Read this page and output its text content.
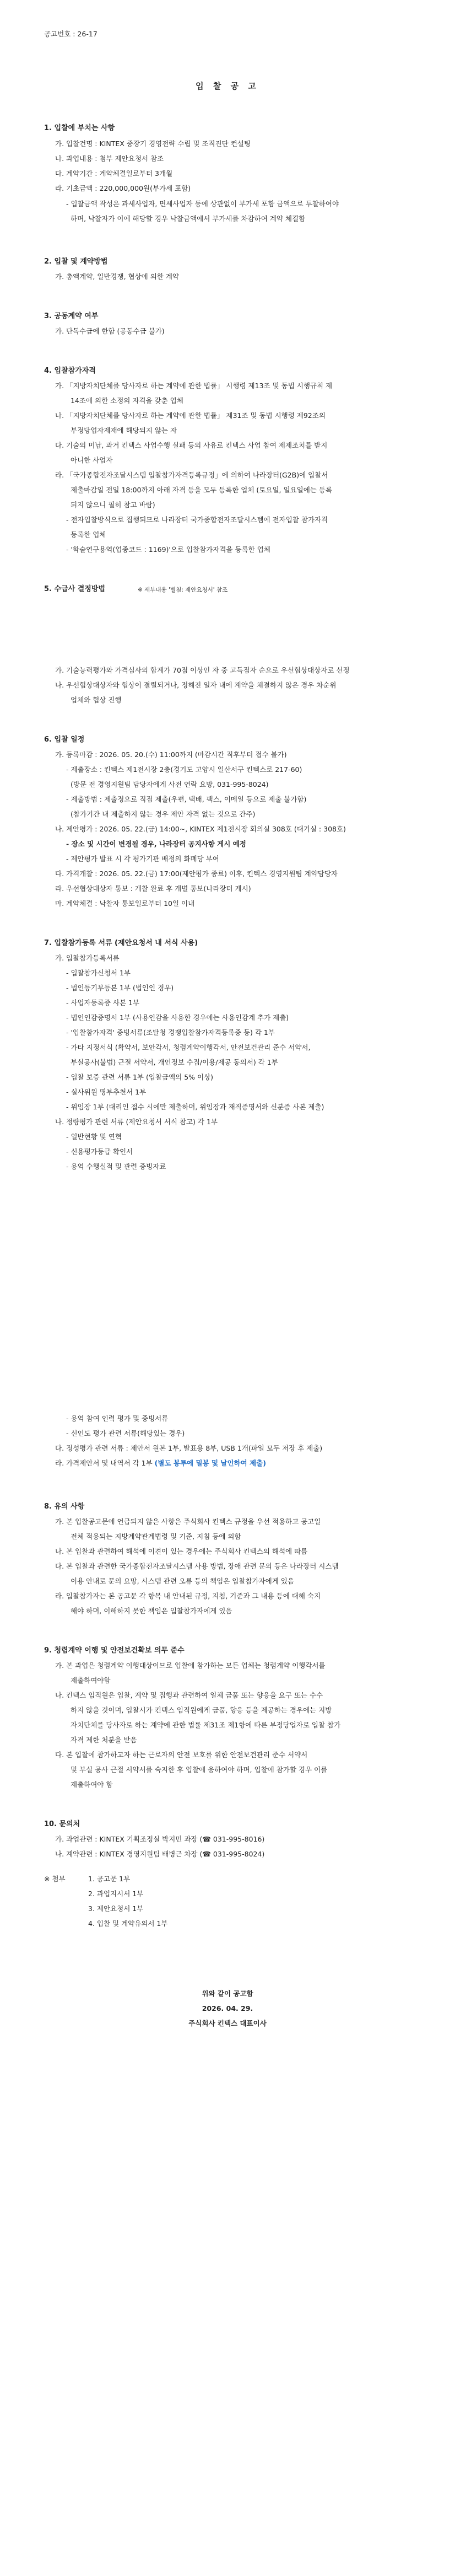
공고번호 : 26-17
입 찰 공 고
1. 입찰에 부치는 사항
가. 입찰건명 : KINTEX 중장기 경영전략 수립 및 조직진단 컨설팅
나. 과업내용 : 첨부 제안요청서 참조
다. 계약기간 : 계약체결일로부터 3개월
라. 기초금액 : 220,000,000원(부가세 포함)
- 입찰금액 작성은 과세사업자, 면세사업자 등에 상관없이 부가세 포함 금액으로 투찰하여야
하며, 낙찰자가 이에 해당할 경우 낙찰금액에서 부가세를 차감하여 계약 체결함
2. 입찰 및 계약방법
가. 총액계약, 일반경쟁, 협상에 의한 계약
3. 공동계약 여부
가. 단독수급에 한함 (공동수급 불가)
4. 입찰참가자격
가. 「지방자치단체를 당사자로 하는 계약에 관한 법률」 시행령 제13조 및 동법 시행규칙 제
14조에 의한 소정의 자격을 갖춘 업체
나. 「지방자치단체를 당사자로 하는 계약에 관한 법률」 제31조 및 동법 시행령 제92조의
부정당업자제재에 해당되지 않는 자
다. 기술의 미납, 과거 킨텍스 사업수행 실패 등의 사유로 킨텍스 사업 참여 제제조치를 받지
아니한 사업자
라. 「국가종합전자조달시스템 입찰참가자격등록규정」에 의하여 나라장터(G2B)에 입찰서
제출마감일 전일 18:00까지 아래 자격 등을 모두 등록한 업체 (토요일, 일요일에는 등록
되지 않으니 필히 참고 바람)
- 전자입찰방식으로 집행되므로 나라장터 국가종합전자조달시스템에 전자입찰 참가자격
등록한 업체
- '학술연구용역(업종코드 : 1169)'으로 입찰참가자격을 등록한 업체
5. 수급사 결정방법	※ 세부내용 '별첨: 제안요청서' 참조
가. 기술능력평가와 가격심사의 합계가 70점 이상인 자 중 고득점자 순으로 우선협상대상자로 선정
나. 우선협상대상자와 협상이 결렬되거나, 정해진 일자 내에 계약을 체결하지 않은 경우 차순위
업체와 협상 진행
6. 입찰 일정
가. 등록마감 : 2026. 05. 20.(수) 11:00까지 (마감시간 직후부터 접수 불가)
- 제출장소 : 킨텍스 제1전시장 2층(경기도 고양시 일산서구 킨텍스로 217-60)
(방문 전 경영지원팀 담당자에게 사전 연락 요망, 031-995-8024)
- 제출방법 : 제출정으로 직접 제출(우편, 택배, 팩스, 이메일 등으로 제출 불가함)
(참가기간 내 제출하지 않는 경우 제안 자격 없는 것으로 간주)
나. 제안평가 : 2026. 05. 22.(금) 14:00~, KINTEX 제1전시장 회의실 308호 (대기실 : 308호)
- 장소 및 시간이 변경될 경우, 나라장터 공지사항 게시 예정
- 제안평가 발표 시 각 평가기관 배정의 화폐당 부여
다. 가격개찰 : 2026. 05. 22.(금) 17:00(제안평가 종료) 이후, 킨텍스 경영지원팀 계약담당자
라. 우선협상대상자 통보 : 개찰 완료 후 개별 통보(나라장터 게시)
마. 계약체결 : 낙찰자 통보일로부터 10일 이내
7. 입찰참가등록 서류 (제안요청서 내 서식 사용)
가. 입찰참가등록서류
- 입찰참가신청서 1부
- 법인등기부등본 1부 (법인인 경우)
- 사업자등록증 사본 1부
- 법인인감증명서 1부 (사용인감을 사용한 경우에는 사용인감계 추가 제출)
- '입찰참가자격' 증빙서류(조달청 경쟁입찰참가자격등록증 등) 각 1부
- 가타 지정서식 (확약서, 보안각서, 청렴계약이행각서, 안전보건관리 준수 서약서,
부실공사(불법) 근절 서약서, 개인정보 수집/이용/제공 동의서) 각 1부
- 입찰 보증 관련 서류 1부 (입찰금액의 5% 이상)
- 실사위원 명부추천서 1부
- 위임장 1부 (대리인 접수 시에만 제출하며, 위임장과 재직증명서와 신분증 사본 제출)
나. 정량평가 관련 서류 (제안요청서 서식 참고) 각 1부
- 일반현황 및 연혁
- 신용평가등급 확인서
- 용역 수행실적 및 관련 증빙자료
- 용역 참여 인력 평가 및 증빙서류
- 신인도 평가 관련 서류(해당있는 경우)
다. 정성평가 관련 서류 : 제안서 원본 1부, 발표용 8부, USB 1개(파일 모두 저장 후 제출)
라. 가격제안서 및 내역서 각 1부 (별도 봉투에 밀봉 및 날인하여 제출)
8. 유의 사항
가. 본 입찰공고문에 언급되지 않은 사항은 주식회사 킨텍스 규정을 우선 적용하고 공고일
전체 적용되는 지방계약관계법령 및 기준, 지침 등에 의함
나. 본 입찰과 관련하여 해석에 이견이 있는 경우에는 주식회사 킨텍스의 해석에 따름
다. 본 입찰과 관련한 국가종합전자조달시스템 사용 방법, 장애 관련 문의 등은 나라장터 시스템
이용 안내로 문의 요망, 시스템 관련 오류 등의 책임은 입찰참가자에게 있음
라. 입찰참가자는 본 공고문 각 항목 내 안내된 규정, 지침, 기준과 그 내용 등에 대해 숙지
해야 하며, 이해하지 못한 책임은 입찰참가자에게 있음
9. 청렴계약 이행 및 안전보건확보 의무 준수
가. 본 과업은 청렴계약 이행대상이므로 입찰에 참가하는 모든 업체는 청렴계약 이행각서를
제출하여야함
나. 킨텍스 임직원은 입찰, 계약 및 집행과 관련하여 일체 금품 또는 향응을 요구 또는 수수
하지 않을 것이며, 입찰시가 킨텍스 임직원에게 금품, 향응 등을 제공하는 경우에는 지방
자치단체를 당사자로 하는 계약에 관한 법률 제31조 제1항에 따른 부정당업자로 입찰 참가
자격 제한 처분을 받음
다. 본 입찰에 참가하고자 하는 근로자의 안전 보호를 위한 안전보건관리 준수 서약서
및 부실 공사 근절 서약서를 숙지한 후 입찰에 응하여야 하며, 입찰에 참가할 경우 이를
제출하여야 함
10. 문의처
가. 과업관련 : KINTEX 기획조정실 박지민 과장 (☎ 031-995-8016)
나. 계약관련 : KINTEX 경영지원팀 배병근 차장 (☎ 031-995-8024)
※ 첨부	1. 공고문 1부
2. 과업지시서 1부
3. 제안요청서 1부
4. 입찰 및 계약유의서 1부
위와 같이 공고함
2026. 04. 29.
주식회사 킨텍스 대표이사
